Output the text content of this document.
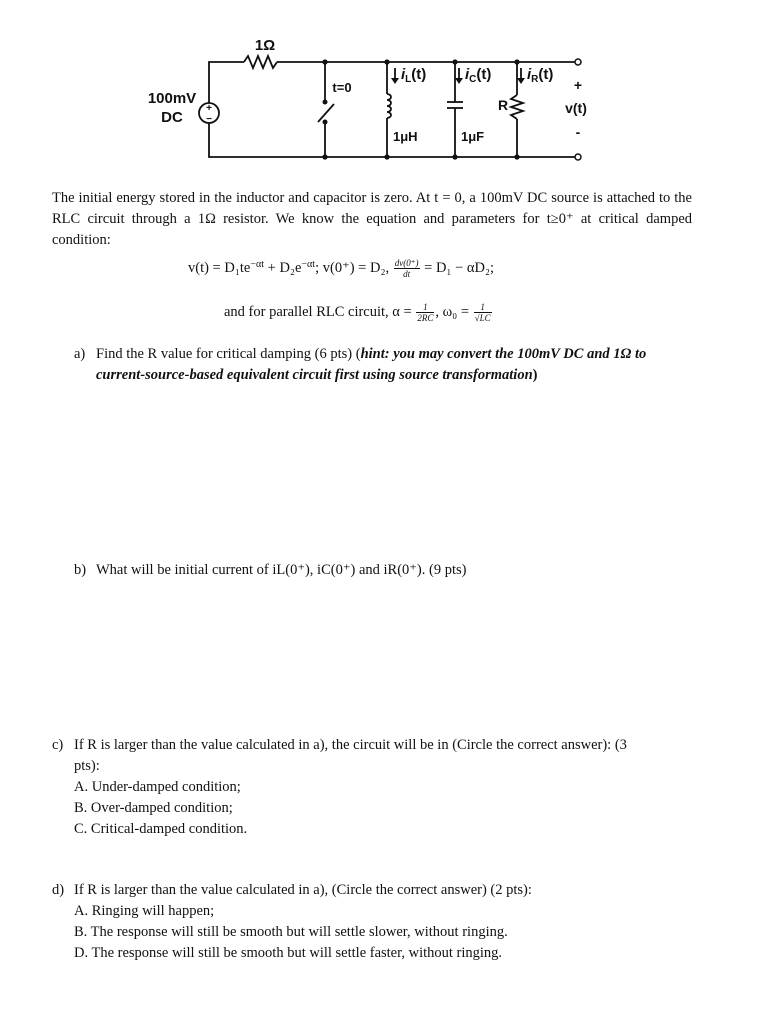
+
−
1Ω
100mV
DC
t=0
$i_L(t)$	$i_C(t)$ $i_R(t)$
1μH	1μF
R
+
v(t)
-
The initial energy stored in the inductor and capacitor is zero. At t = 0, a 100mV DC source is attached to the RLC circuit through a 1Ω resistor. We know the equation and parameters for t≥0⁺ at critical damped condition:
$v(t) = D_1te^{-\alpha t} + D_2e^{-\alpha t}$; v(0⁺) = D₂, $\frac{dv(0^+)}{dt} = D_1 - \alpha D_2$;
and for parallel RLC circuit, $\alpha = \frac{1}{2RC}$ , $\omega_0 = \frac{1}{√LC}$
a) Find the R value for critical damping (6 pts) (hint: you may convert the 100mV DC and 1Ω to
current-source-based equivalent circuit first using source transformation)
b) What will be initial current of iL(0⁺), iC(0⁺) and iR(0⁺). (9 pts)
c) If R is larger than the value calculated in a), the circuit will be in (Circle the correct answer): (3
pts):
A. Under-damped condition;
B. Over-damped condition;
C. Critical-damped condition.
d) If R is larger than the value calculated in a), (Circle the correct answer) (2 pts):
A. Ringing will happen;
B. The response will still be smooth but will settle slower, without ringing.
D. The response will still be smooth but will settle faster, without ringing.
